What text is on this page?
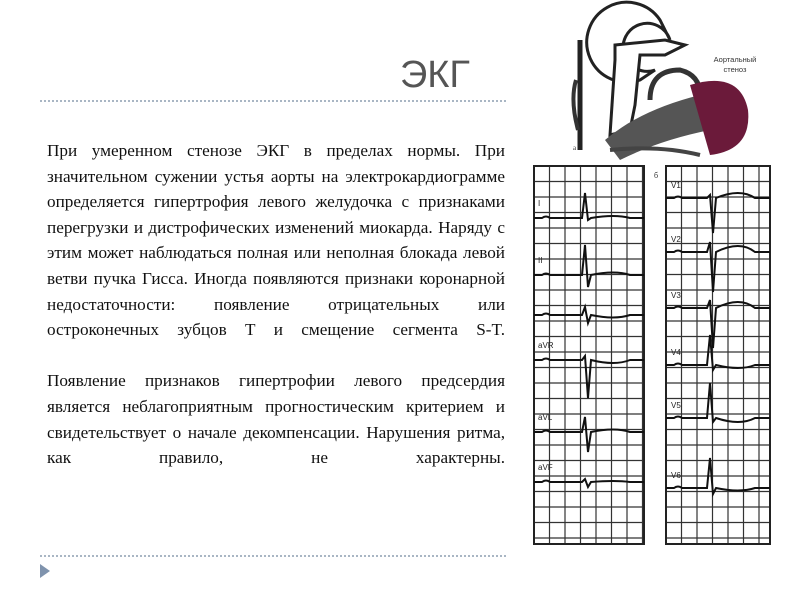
ЭКГ

При умеренном стенозе ЭКГ в пределах нормы. При значительном сужении устья аорты на электрокардиограмме определяется гипертрофия левого желудочка с признаками перегрузки и дистрофических изменений миокарда. Наряду с этим может наблюдаться полная или неполная блокада левой ветви пучка Гисса. Иногда появляются признаки коронарной недостаточности: появление отрицательных или остроконечных зубцов Т и смещение сегмента S-T.

Появление признаков гипертрофии левого предсердия является неблагоприятным прогностическим критерием и свидетельствует о начале декомпенсации. Нарушения ритма, как правило, не характерны.

Аортальный
стеноз
а
б
I
II
aVR
aVL
aVF
V1
V2
V3
V4
V5
V6
